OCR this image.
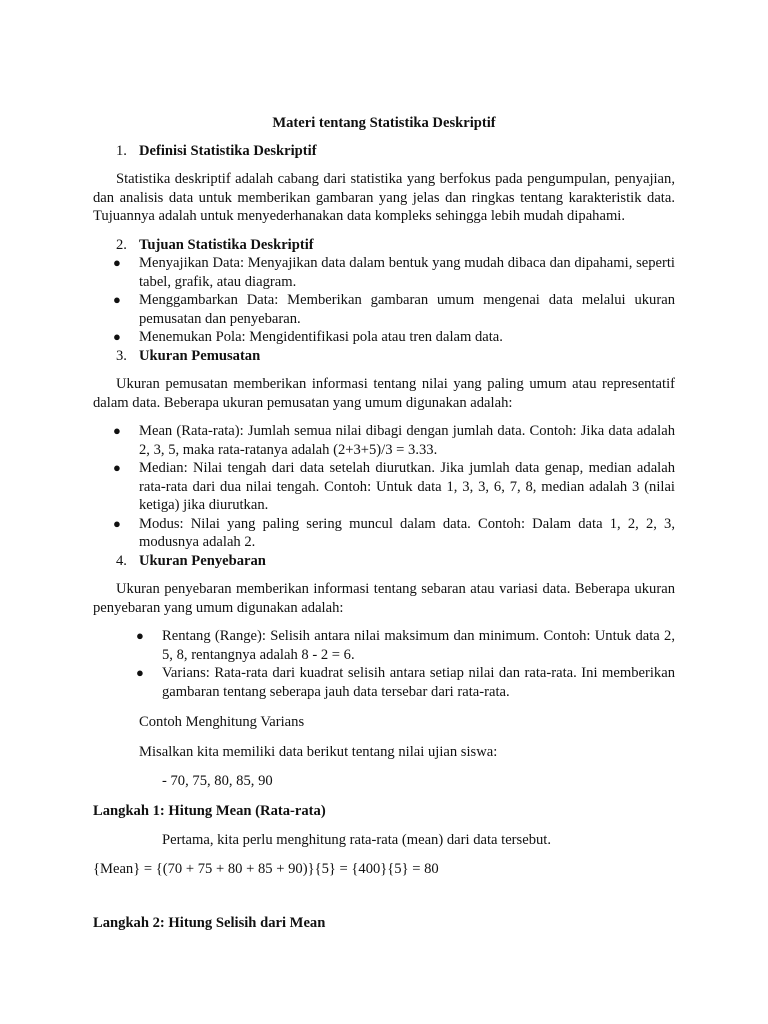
Materi tentang Statistika Deskriptif

1. Definisi Statistika Deskriptif

Statistika deskriptif adalah cabang dari statistika yang berfokus pada pengumpulan, penyajian, dan analisis data untuk memberikan gambaran yang jelas dan ringkas tentang karakteristik data. Tujuannya adalah untuk menyederhanakan data kompleks sehingga lebih mudah dipahami.

2. Tujuan Statistika Deskriptif

● Menyajikan Data: Menyajikan data dalam bentuk yang mudah dibaca dan dipahami, seperti tabel, grafik, atau diagram.
● Menggambarkan Data: Memberikan gambaran umum mengenai data melalui ukuran pemusatan dan penyebaran.
● Menemukan Pola: Mengidentifikasi pola atau tren dalam data.

3. Ukuran Pemusatan

Ukuran pemusatan memberikan informasi tentang nilai yang paling umum atau representatif dalam data. Beberapa ukuran pemusatan yang umum digunakan adalah:

● Mean (Rata-rata): Jumlah semua nilai dibagi dengan jumlah data. Contoh: Jika data adalah 2, 3, 5, maka rata-ratanya adalah (2+3+5)/3 = 3.33.
● Median: Nilai tengah dari data setelah diurutkan. Jika jumlah data genap, median adalah rata-rata dari dua nilai tengah. Contoh: Untuk data 1, 3, 3, 6, 7, 8, median adalah 3 (nilai ketiga) jika diurutkan.
● Modus: Nilai yang paling sering muncul dalam data. Contoh: Dalam data 1, 2, 2, 3, modusnya adalah 2.

4. Ukuran Penyebaran

Ukuran penyebaran memberikan informasi tentang sebaran atau variasi data. Beberapa ukuran penyebaran yang umum digunakan adalah:

● Rentang (Range): Selisih antara nilai maksimum dan minimum. Contoh: Untuk data 2, 5, 8, rentangnya adalah 8 - 2 = 6.
● Varians: Rata-rata dari kuadrat selisih antara setiap nilai dan rata-rata. Ini memberikan gambaran tentang seberapa jauh data tersebar dari rata-rata.

Contoh Menghitung Varians

Misalkan kita memiliki data berikut tentang nilai ujian siswa:

- 70, 75, 80, 85, 90

Langkah 1: Hitung Mean (Rata-rata)

Pertama, kita perlu menghitung rata-rata (mean) dari data tersebut.

{Mean} = {(70 + 75 + 80 + 85 + 90)}{5} = {400}{5} = 80

Langkah 2: Hitung Selisih dari Mean
